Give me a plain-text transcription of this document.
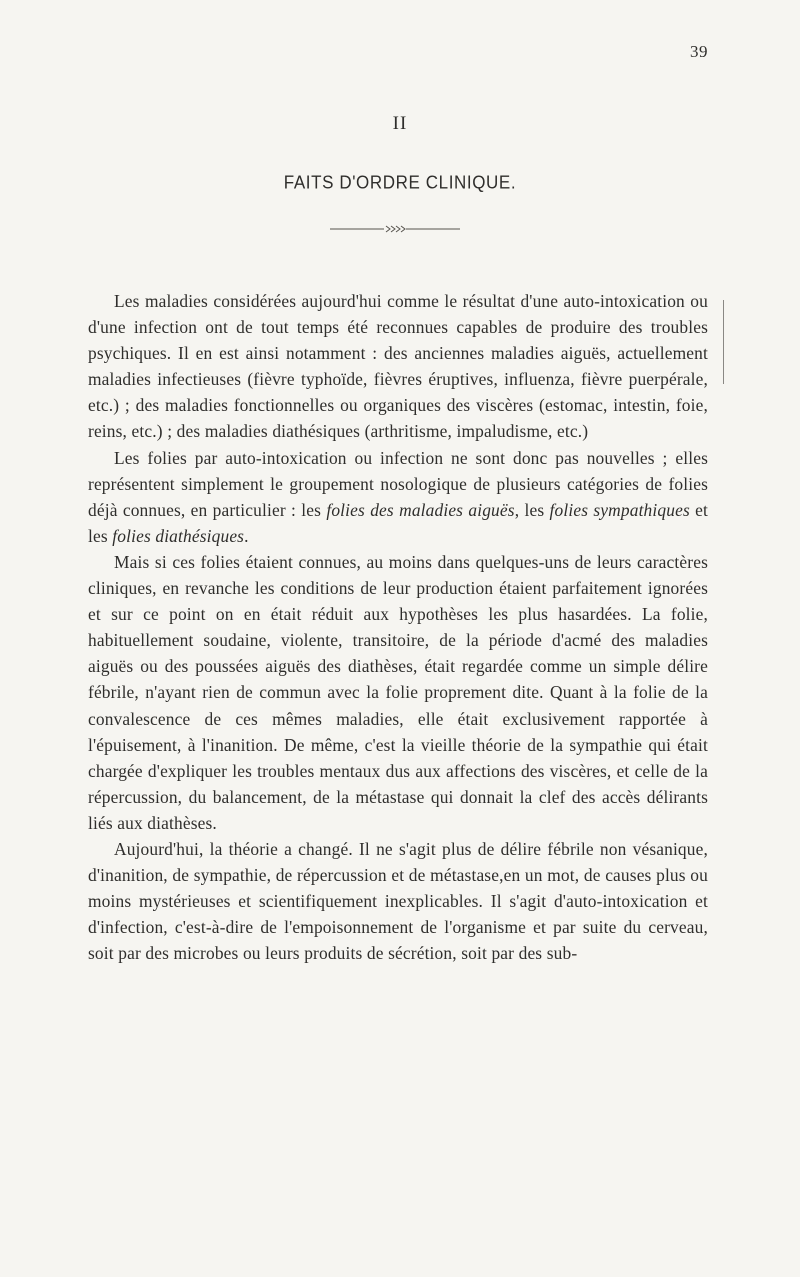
39
II
FAITS D'ORDRE CLINIQUE.

Les maladies considérées aujourd'hui comme le résultat d'une auto-intoxication ou d'une infection ont de tout temps été reconnues capables de produire des troubles psychiques. Il en est ainsi notamment : des anciennes maladies aiguës, actuellement maladies infectieuses (fièvre typhoïde, fièvres éruptives, influenza, fièvre puerpérale, etc.) ; des maladies fonctionnelles ou organiques des viscères (estomac, intestin, foie, reins, etc.) ; des maladies diathésiques (arthritisme, impaludisme, etc.)

Les folies par auto-intoxication ou infection ne sont donc pas nouvelles ; elles représentent simplement le groupement nosologique de plusieurs catégories de folies déjà connues, en particulier : les folies des maladies aiguës, les folies sympathiques et les folies diathésiques.

Mais si ces folies étaient connues, au moins dans quelques-uns de leurs caractères cliniques, en revanche les conditions de leur production étaient parfaitement ignorées et sur ce point on en était réduit aux hypothèses les plus hasardées. La folie, habituellement soudaine, violente, transitoire, de la période d'acmé des maladies aiguës ou des poussées aiguës des diathèses, était regardée comme un simple délire fébrile, n'ayant rien de commun avec la folie proprement dite. Quant à la folie de la convalescence de ces mêmes maladies, elle était exclusivement rapportée à l'épuisement, à l'inanition. De même, c'est la vieille théorie de la sympathie qui était chargée d'expliquer les troubles mentaux dus aux affections des viscères, et celle de la répercussion, du balancement, de la métastase qui donnait la clef des accès délirants liés aux diathèses.

Aujourd'hui, la théorie a changé. Il ne s'agit plus de délire fébrile non vésanique, d'inanition, de sympathie, de répercussion et de métastase,en un mot, de causes plus ou moins mystérieuses et scientifiquement inexplicables. Il s'agit d'auto-intoxication et d'infection, c'est-à-dire de l'empoisonnement de l'organisme et par suite du cerveau, soit par des microbes ou leurs produits de sécrétion, soit par des sub-
